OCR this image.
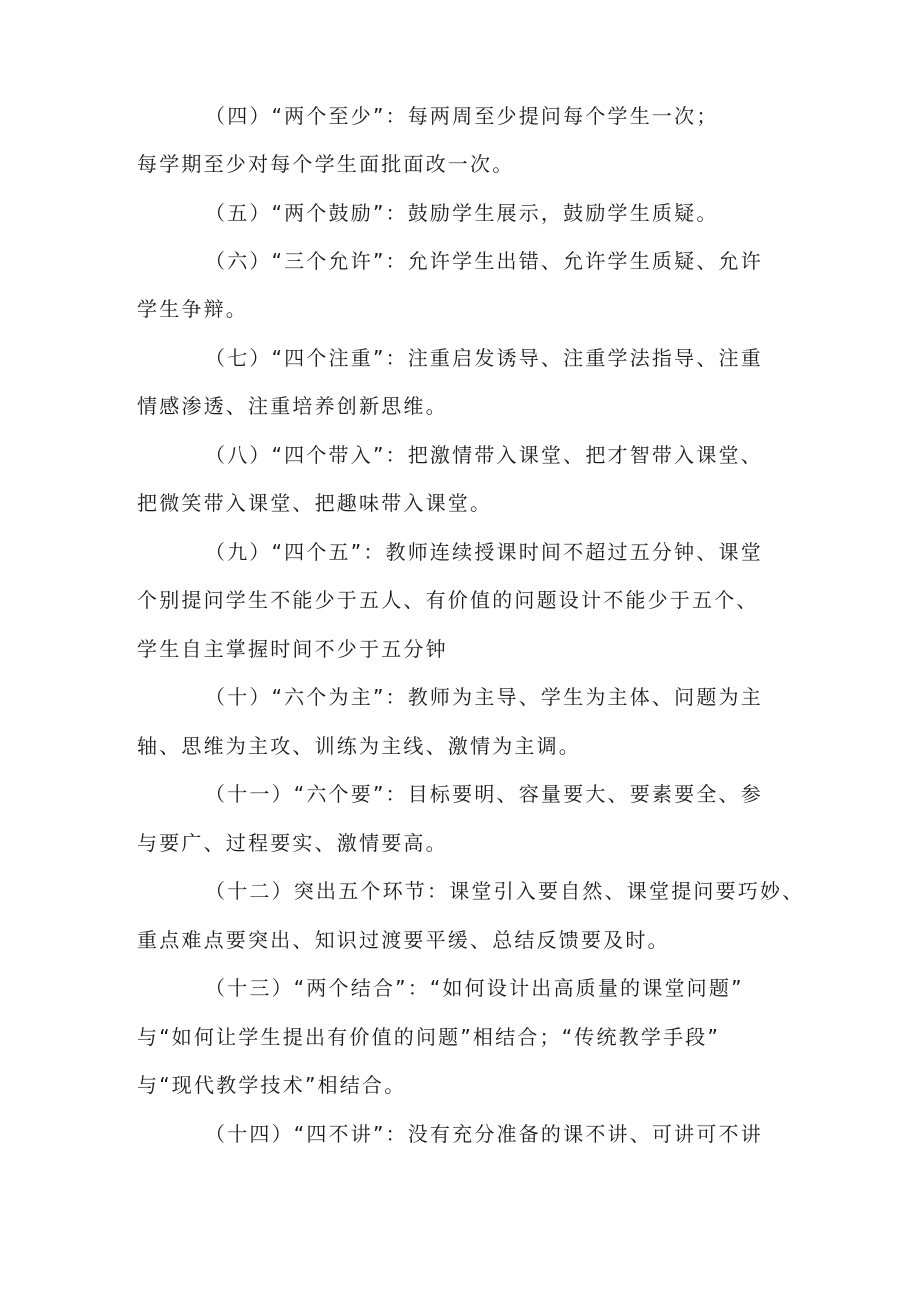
（四）“两个至少”：每两周至少提问每个学生一次；
每学期至少对每个学生面批面改一次。
（五）“两个鼓励”：鼓励学生展示，鼓励学生质疑。
（六）“三个允许”：允许学生出错、允许学生质疑、允许
学生争辩。
（七）“四个注重”：注重启发诱导、注重学法指导、注重
情感渗透、注重培养创新思维。
（八）“四个带入”：把激情带入课堂、把才智带入课堂、
把微笑带入课堂、把趣味带入课堂。
（九）“四个五”：教师连续授课时间不超过五分钟、课堂
个别提问学生不能少于五人、有价值的问题设计不能少于五个、
学生自主掌握时间不少于五分钟
（十）“六个为主”：教师为主导、学生为主体、问题为主
轴、思维为主攻、训练为主线、激情为主调。
（十一）“六个要”：目标要明、容量要大、要素要全、参
与要广、过程要实、激情要高。
（十二）突出五个环节：课堂引入要自然、课堂提问要巧妙、
重点难点要突出、知识过渡要平缓、总结反馈要及时。
（十三）“两个结合”：“如何设计出高质量的课堂问题”
与“如何让学生提出有价值的问题”相结合；“传统教学手段”
与“现代教学技术”相结合。
（十四）“四不讲”：没有充分准备的课不讲、可讲可不讲
